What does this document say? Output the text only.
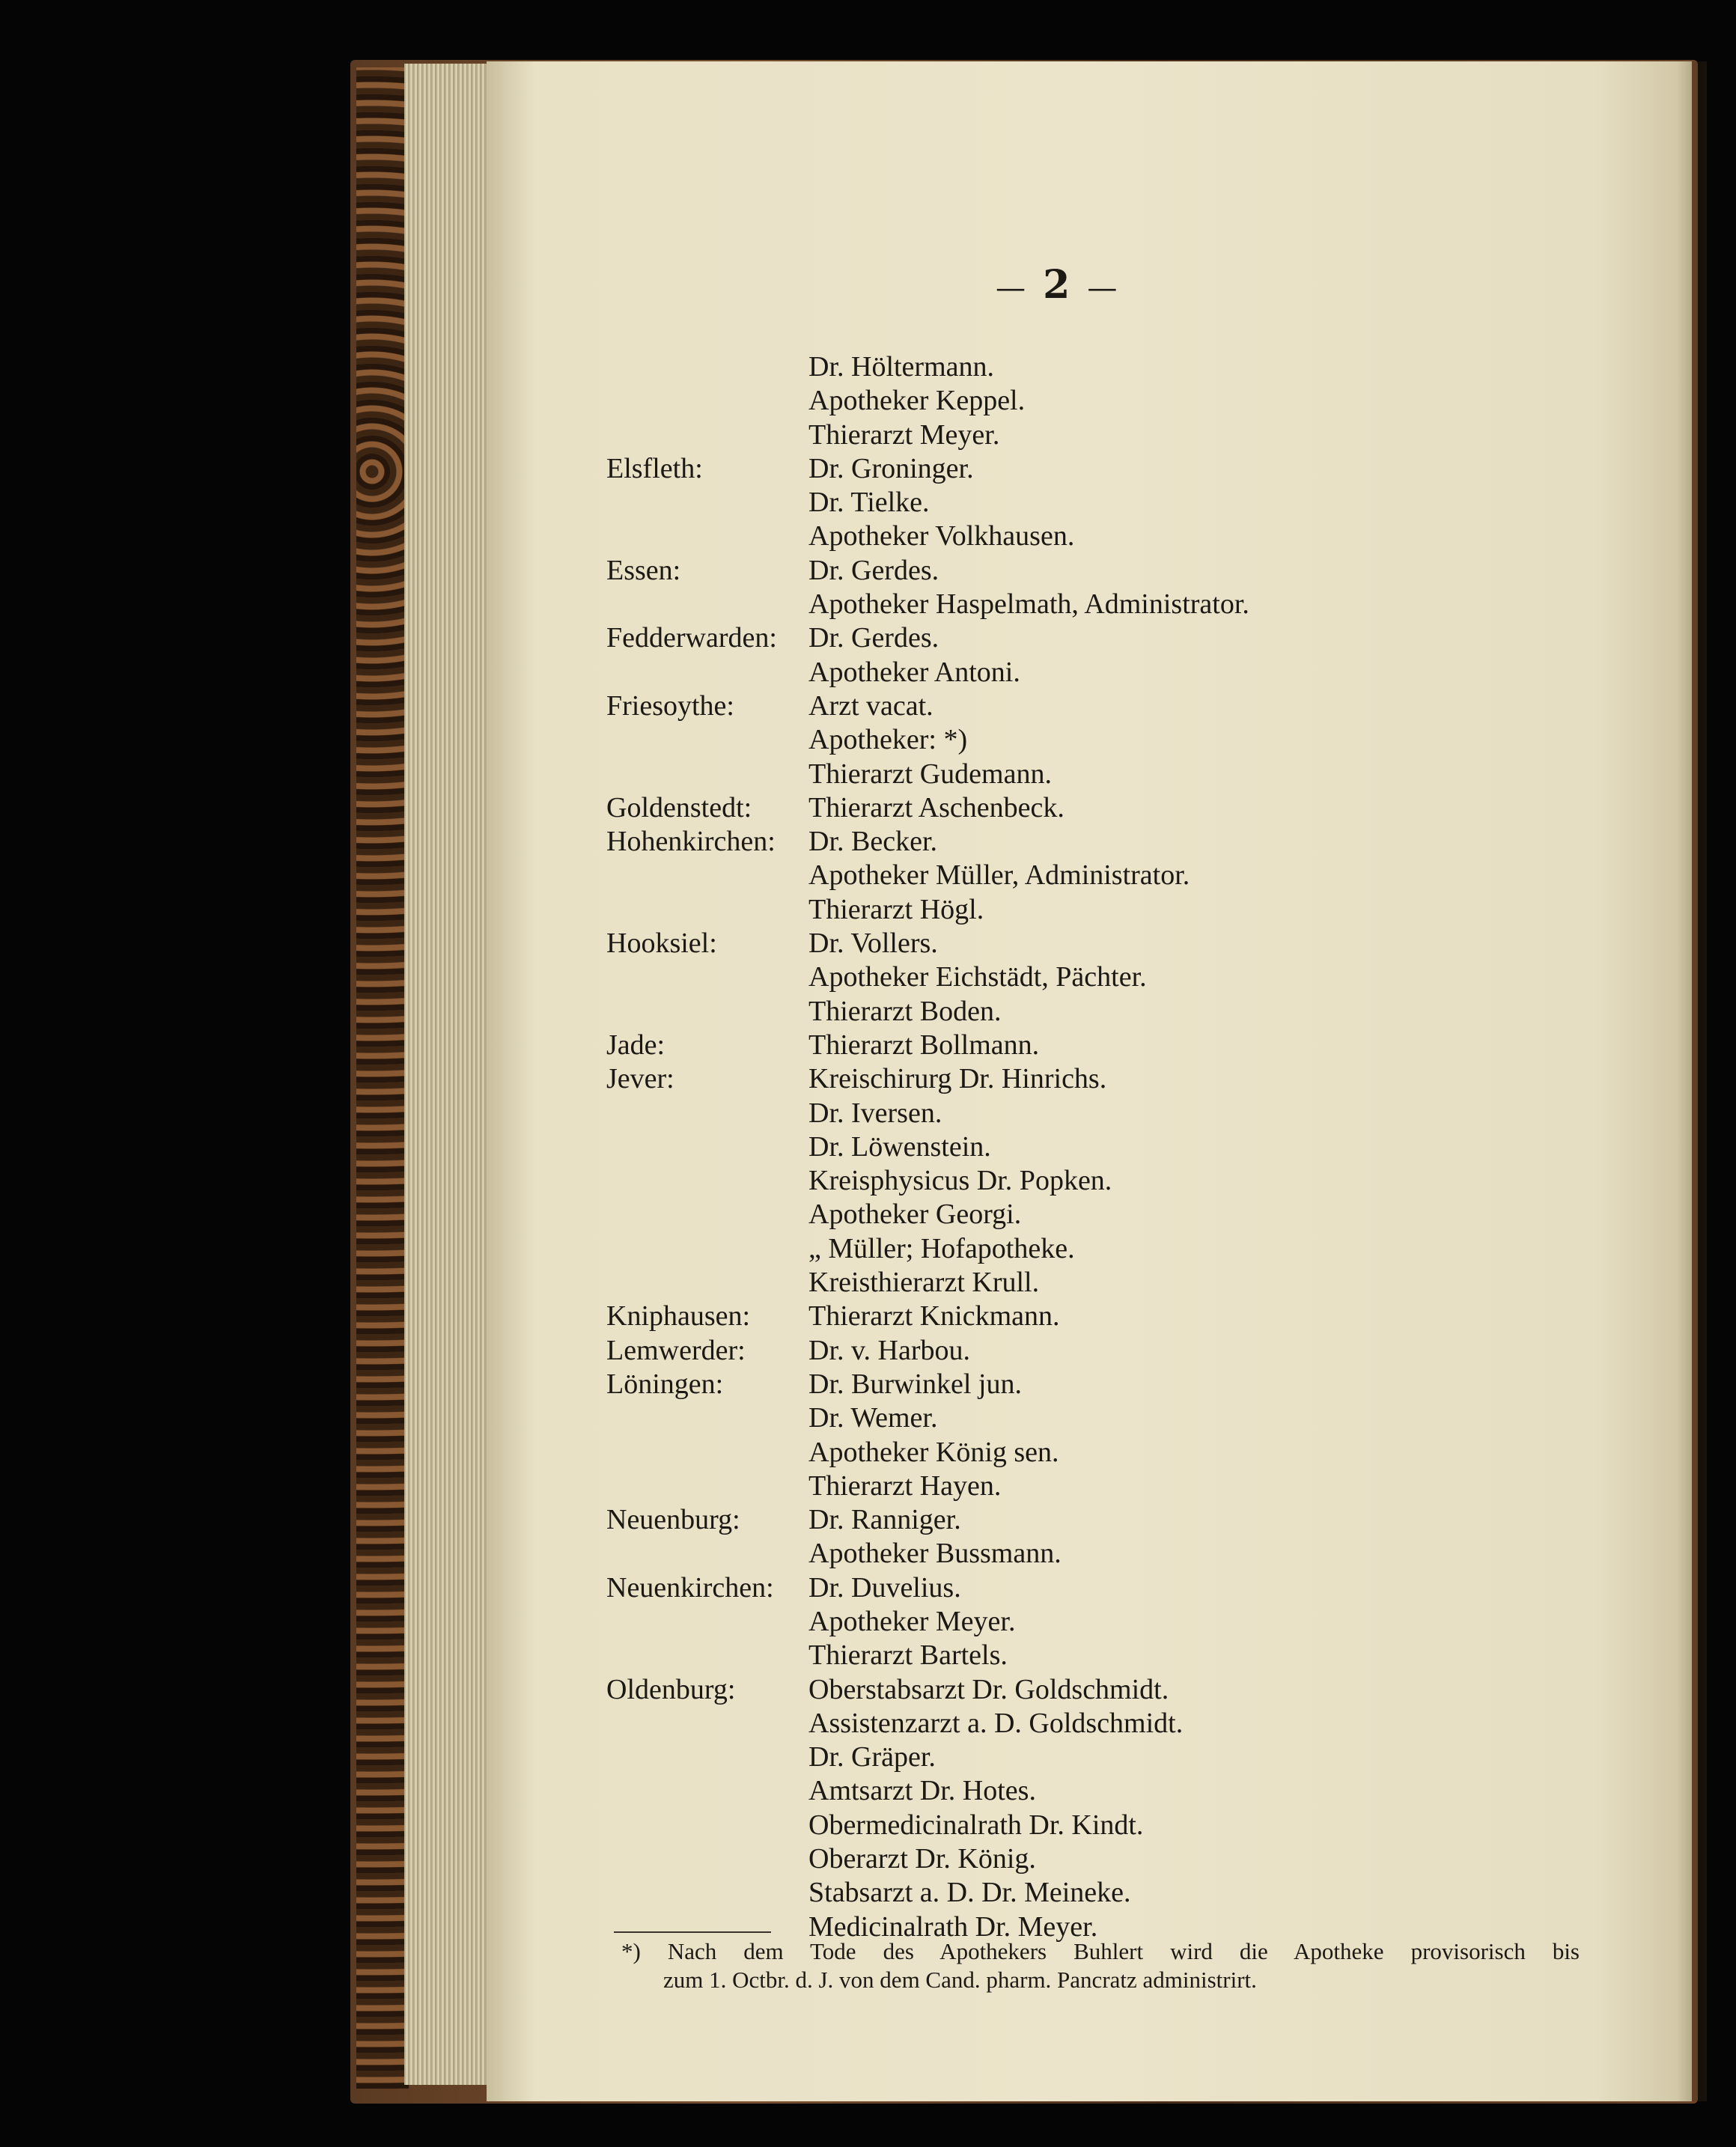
— 2 —
Dr. Höltermann.
Apotheker Keppel.
Thierarzt Meyer.
Elsfleth:	Dr. Groninger.
Dr. Tielke.
Apotheker Volkhausen.
Essen:	Dr. Gerdes.
Apotheker Haspelmath, Administrator.
Fedderwarden:	Dr. Gerdes.
Apotheker Antoni.
Friesoythe:	Arzt vacat.
Apotheker: *)
Thierarzt Gudemann.
Goldenstedt:	Thierarzt Aschenbeck.
Hohenkirchen:	Dr. Becker.
Apotheker Müller, Administrator.
Thierarzt Högl.
Hooksiel:	Dr. Vollers.
Apotheker Eichstädt, Pächter.
Thierarzt Boden.
Jade:	Thierarzt Bollmann.
Jever:	Kreischirurg Dr. Hinrichs.
Dr. Iversen.
Dr. Löwenstein.
Kreisphysicus Dr. Popken.
Apotheker Georgi.
„ Müller; Hofapotheke.
Kreisthierarzt Krull.
Kniphausen:	Thierarzt Knickmann.
Lemwerder:	Dr. v. Harbou.
Löningen:	Dr. Burwinkel jun.
Dr. Wemer.
Apotheker König sen.
Thierarzt Hayen.
Neuenburg:	Dr. Ranniger.
Apotheker Bussmann.
Neuenkirchen:	Dr. Duvelius.
Apotheker Meyer.
Thierarzt Bartels.
Oldenburg:	Oberstabsarzt Dr. Goldschmidt.
Assistenzarzt a. D. Goldschmidt.
Dr. Gräper.
Amtsarzt Dr. Hotes.
Obermedicinalrath Dr. Kindt.
Oberarzt Dr. König.
Stabsarzt a. D. Dr. Meineke.
Medicinalrath Dr. Meyer.
*) Nach dem Tode des Apothekers Buhlert wird die Apotheke provisorisch bis
zum 1. Octbr. d. J. von dem Cand. pharm. Pancratz administrirt.
